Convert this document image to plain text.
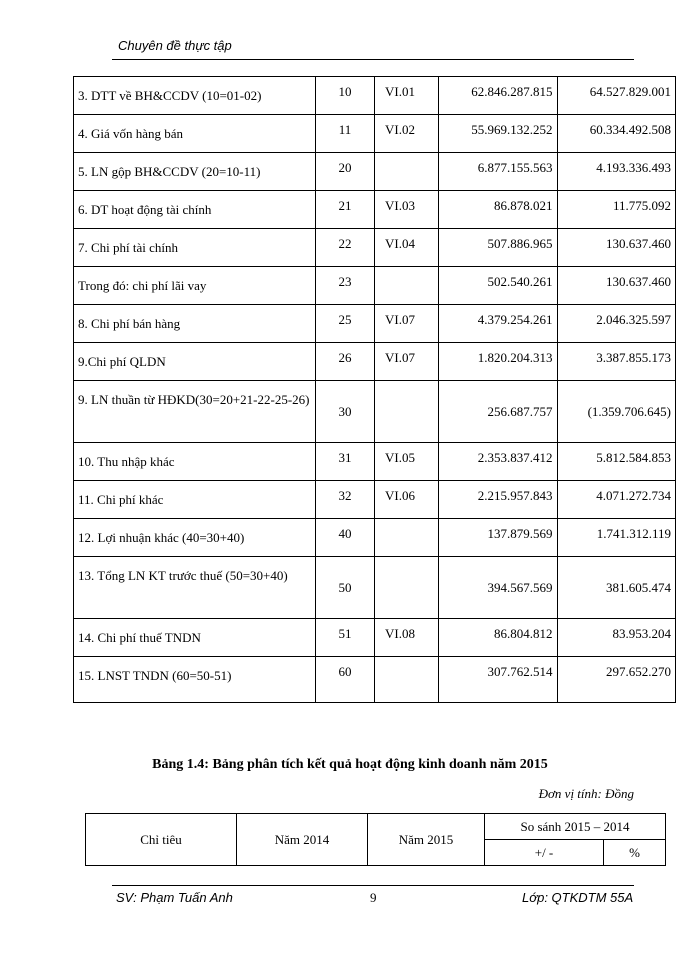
Chuyên đề thực tập
3. DTT về BH&CCDV (10=01-02)	10	VI.01	62.846.287.815	64.527.829.001
4. Giá vốn hàng bán	11	VI.02	55.969.132.252	60.334.492.508
5. LN gộp BH&CCDV (20=10-11)	20		6.877.155.563	4.193.336.493
6. DT hoạt động tài chính	21	VI.03	86.878.021	11.775.092
7. Chi phí tài chính	22	VI.04	507.886.965	130.637.460
Trong đó: chi phí lãi vay	23		502.540.261	130.637.460
8. Chi phí bán hàng	25	VI.07	4.379.254.261	2.046.325.597
9.Chi phí QLDN	26	VI.07	1.820.204.313	3.387.855.173
9. LN thuần từ HĐKD(30=20+21-22-25-26)	30		256.687.757	(1.359.706.645)
10. Thu nhập khác	31	VI.05	2.353.837.412	5.812.584.853
11. Chi phí khác	32	VI.06	2.215.957.843	4.071.272.734
12. Lợi nhuận khác (40=30+40)	40		137.879.569	1.741.312.119
13. Tổng LN KT trước thuế (50=30+40)	50		394.567.569	381.605.474
14. Chi phí thuế TNDN	51	VI.08	86.804.812	83.953.204
15. LNST TNDN (60=50-51)	60		307.762.514	297.652.270
Bảng 1.4: Bảng phân tích kết quả hoạt động kinh doanh năm 2015
Đơn vị tính: Đồng
Chỉ tiêu	Năm 2014	Năm 2015	So sánh 2015 – 2014	
			+/ -	%
SV: Phạm Tuấn Anh	9	Lớp: QTKDTM 55A
